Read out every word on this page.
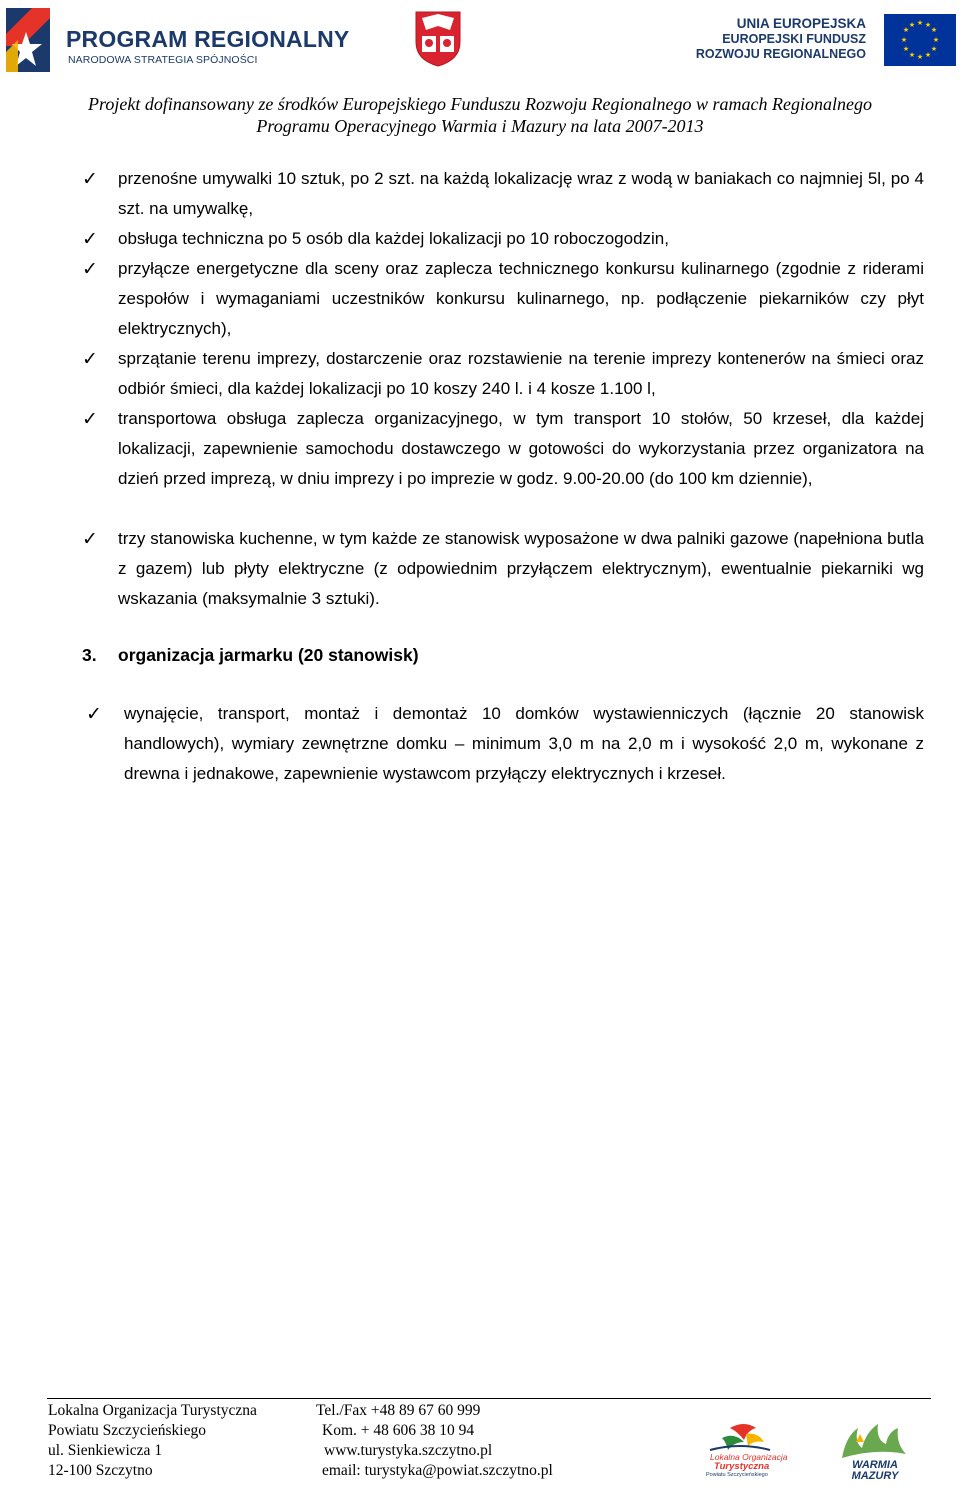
PROGRAM REGIONALNY
NARODOWA STRATEGIA SPÓJNOŚCI
UNIA EUROPEJSKA
EUROPEJSKI FUNDUSZ
ROZWOJU REGIONALNEGO
★ ★
★
★
★
★
★
★
★
★
★
★
Projekt dofinansowany ze środków Europejskiego Funduszu Rozwoju Regionalnego w ramach Regionalnego
Programu Operacyjnego Warmia i Mazury na lata 2007-2013
✓ przenośne umywalki 10 sztuk, po 2 szt. na każdą lokalizację wraz z wodą w baniakach co najmniej 5l, po 4 szt. na umywalkę,
✓ obsługa techniczna po 5 osób dla każdej lokalizacji po 10 roboczogodzin,
✓ przyłącze energetyczne dla sceny oraz zaplecza technicznego konkursu kulinarnego (zgodnie z riderami zespołów i wymaganiami uczestników konkursu kulinarnego, np. podłączenie piekarników czy płyt elektrycznych),
✓ sprzątanie terenu imprezy, dostarczenie oraz rozstawienie na terenie imprezy kontenerów na śmieci oraz odbiór śmieci, dla każdej lokalizacji po 10 koszy 240 l. i 4 kosze 1.100 l,
✓ transportowa obsługa zaplecza organizacyjnego, w tym transport 10 stołów, 50 krzeseł, dla każdej lokalizacji, zapewnienie samochodu dostawczego w gotowości do wykorzystania przez organizatora na dzień przed imprezą, w dniu imprezy i po imprezie w godz. 9.00-20.00 (do 100 km dziennie),
✓ trzy stanowiska kuchenne, w tym każde ze stanowisk wyposażone w dwa palniki gazowe (napełniona butla z gazem) lub płyty elektryczne (z odpowiednim przyłączem elektrycznym), ewentualnie piekarniki wg wskazania (maksymalnie 3 sztuki).
3. organizacja jarmarku (20 stanowisk)
✓ wynajęcie, transport, montaż i demontaż 10 domków wystawienniczych (łącznie 20 stanowisk handlowych), wymiary zewnętrzne domku – minimum 3,0 m na 2,0 m i wysokość 2,0 m, wykonane z drewna i jednakowe, zapewnienie wystawcom przyłączy elektrycznych i krzeseł.
Lokalna Organizacja Turystyczna
Powiatu Szczycieńskiego
ul. Sienkiewicza 1
12-100 Szczytno
Tel./Fax +48 89 67 60 999
Kom. + 48 606 38 10 94
www.turystyka.szczytno.pl
email: turystyka@powiat.szczytno.pl
Lokalna Organizacja
Turystyczna
Powiatu Szczycieńskiego
WARMIA
MAZURY
